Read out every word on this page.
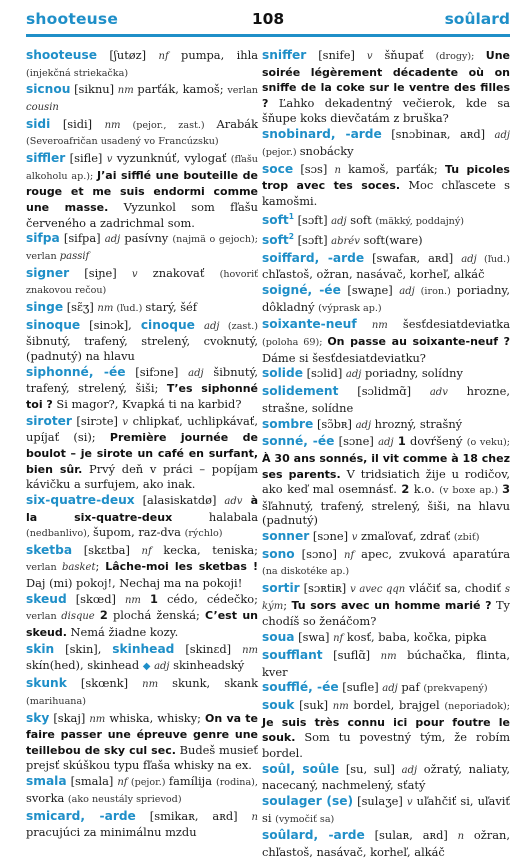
shooteuse	108	soûlard

shooteuse [ʃutøz] nf pumpa, ihla (injekčná striekačka)

sicnou [siknu] nm parťák, kamoš; verlan cousin

sidi [sidi] nm (pejor., zast.) Arabák (Severoafričan usadený vo Francúzsku)

siffler [sifle] v vyzunknúť, vylogať (fľašu alkoholu ap.); J’ai sifflé une bouteille de rouge et me suis endormi comme une masse. Vyzunkol som fľašu červeného a zadrichmal som.

sifpa [sifpa] adj pasívny (najmä o gejoch); verlan passif

signer [siɲe] v znakovať (hovoriť znakovou rečou)

singe [sɛ̃ʒ] nm (ľud.) starý, šéf

sinoque [sinɔk], cinoque adj (zast.) šibnutý, trafený, strelený, cvoknutý, (padnutý) na hlavu

siphonné, -ée [sifɔne] adj šibnutý, trafený, strelený, šiši; T’es siphonné toi ? Si magor?, Kvapká ti na karbid?

siroter [sirɔte] v chlipkať, uchlipkávať, upíjať (si); Première journée de boulot – je sirote un café en surfant, bien sûr. Prvý deň v práci – popíjam kávičku a surfujem, ako inak.

six-quatre-deux [alasiskatdø] adv à la six-quatre-deux halabala (nedbanlivo), šupom, raz-dva (rýchlo)

sketba [skɛtba] nf kecka, teniska; verlan basket; Lâche-moi les sketbas ! Daj (mi) pokoj!, Nechaj ma na pokoji!

skeud [skœd] nm 1 cédo, cédečko; verlan disque 2 plochá ženská; C’est un skeud. Nemá žiadne kozy.

skin [skin], skinhead [skinɛd] nm skín(hed), skinhead ◆ adj skinheadský

skunk [skœnk] nm skunk, skank (marihuana)

sky [skaj] nm whiska, whisky; On va te faire passer une épreuve genre une teillebou de sky cul sec. Budeš musieť prejsť skúškou typu fľaša whisky na ex.

smala [smala] nf (pejor.) famílija (rodina), svorka (ako neustály sprievod)

smicard, -arde [smikaʀ, aʀd] n pracujúci za minimálnu mzdu

sniffer [snife] v šňupať (drogy); Une soirée légèrement décadente où on sniffe de la coke sur le ventre des filles ? Ľahko dekadentný večierok, kde sa šňupe koks dievčatám z bruška?

snobinard, -arde [snɔbinaʀ, aʀd] adj (pejor.) snobácky

soce [sɔs] n kamoš, parťák; Tu picoles trop avec tes soces. Moc chľascete s kamošmi.

soft$^1$ [sɔft] adj soft (mäkký, poddajný)

soft$^2$ [sɔft] abrév soft(ware)

soiffard, -arde [swafaʀ, aʀd] adj (ľud.) chľastoš, ožran, nasávač, korheľ, alkáč

soigné, -ée [swaɲe] adj (iron.) poriadny, dôkladný (výprask ap.)

soixante-neuf nm šesťdesiatdeviatka (poloha 69); On passe au soixante-neuf ? Dáme si šesťdesiatdeviatku?

solide [sɔlid] adj poriadny, solídny

solidement [sɔlidmɑ̃] adv hrozne, strašne, solídne

sombre [sɔ̃bʀ] adj hrozný, strašný

sonné, -ée [sɔne] adj 1 dovŕšený (o veku); À 30 ans sonnés, il vit comme à 18 chez ses parents. V tridsiatich žije u rodičov, ako keď mal osemnásť. 2 k.o. (v boxe ap.) 3 šľahnutý, trafený, strelený, šiši, na hlavu (padnutý)

sonner [sɔne] v zmaľovať, zdrať (zbiť)

sono [sɔno] nf apec, zvuková aparatúra (na diskotéke ap.)

sortir [sɔʀtiʀ] v avec qqn vláčiť sa, chodiť s kým; Tu sors avec un homme marié ? Ty chodíš so ženáčom?

soua [swa] nf kosť, baba, kočka, pipka

soufflant [suflɑ̃] nm búchačka, flinta, kver

soufflé, -ée [sufle] adj paf (prekvapený)

souk [suk] nm bordel, brajgel (neporiadok); Je suis très connu ici pour foutre le souk. Som tu povestný tým, že robím bordel.

soûl, soûle [su, sul] adj ožratý, naliaty, nacecaný, nachmelený, sťatý

soulager (se) [sulaʒe] v uľahčiť si, uľaviť si (vymočiť sa)

soûlard, -arde [sulaʀ, aʀd] n ožran, chľastoš, nasávač, korheľ, alkáč
